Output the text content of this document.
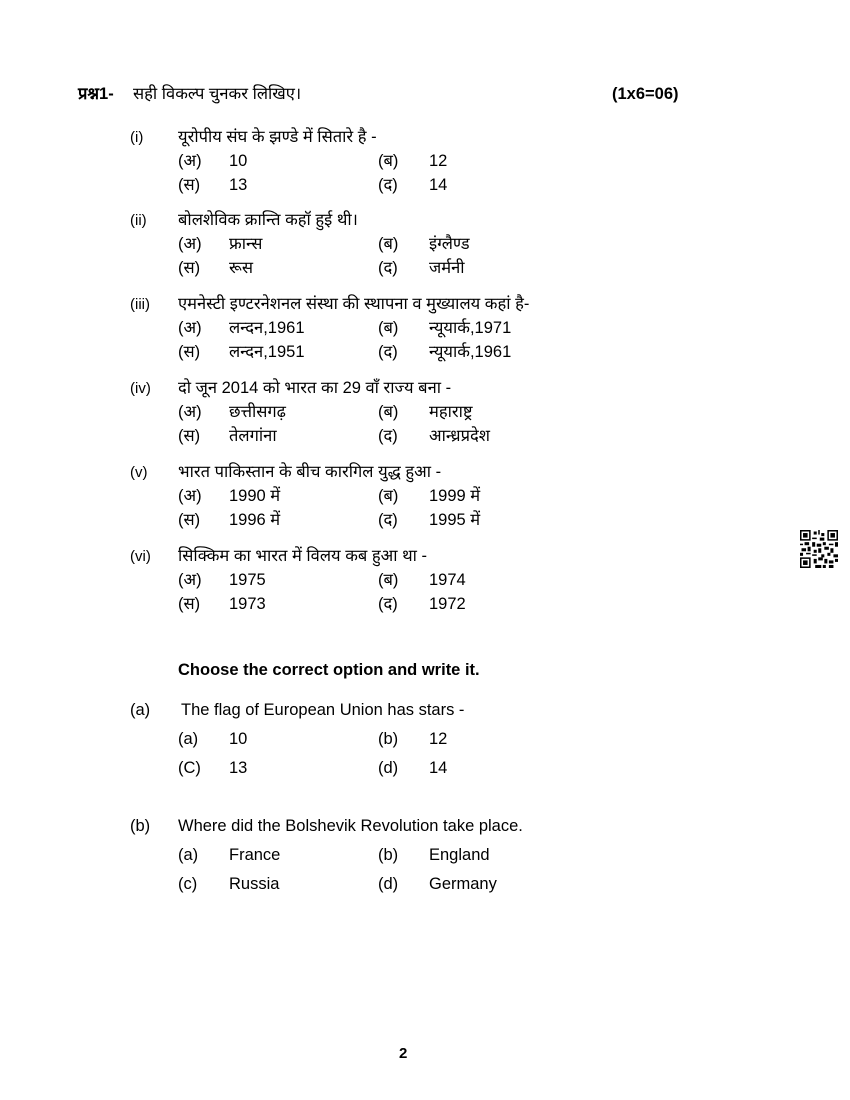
प्रश्न1- सही विकल्प चुनकर लिखिए।	(1x6=06)
(i) यूरोपीय संघ के झण्डे में सितारे है -
(अ) 10	(ब) 12
(स) 13	(द) 14
(ii) बोलशेविक क्रान्ति कहॉ हुई थी।
(अ) फ्रान्स	(ब) इंग्लैण्ड
(स) रूस	(द) जर्मनी
(iii) एमनेस्टी इण्टरनेशनल संस्था की स्थापना व मुख्यालय कहां है-
(अ) लन्दन,1961	(ब) न्यूयार्क,1971
(स) लन्दन,1951	(द) न्यूयार्क,1961
(iv) दो जून 2014 को भारत का 29 वॉं राज्य बना -
(अ) छत्तीसगढ़	(ब) महाराष्ट्र
(स) तेलगांना	(द) आन्ध्रप्रदेश
(v) भारत पाकिस्तान के बीच कारगिल युद्ध हुआ -
(अ) 1990 में	(ब) 1999 में
(स) 1996 में	(द) 1995 में
(vi) सिक्किम का भारत में विलय कब हुआ था -
(अ) 1975	(ब) 1974
(स) 1973	(द) 1972
Choose the correct option and write it.
(a) The flag of European Union has stars -
(a) 10	(b) 12
(C) 13	(d) 14
(b) Where did the Bolshevik Revolution take place.
(a) France	(b) England
(c) Russia	(d) Germany
2
